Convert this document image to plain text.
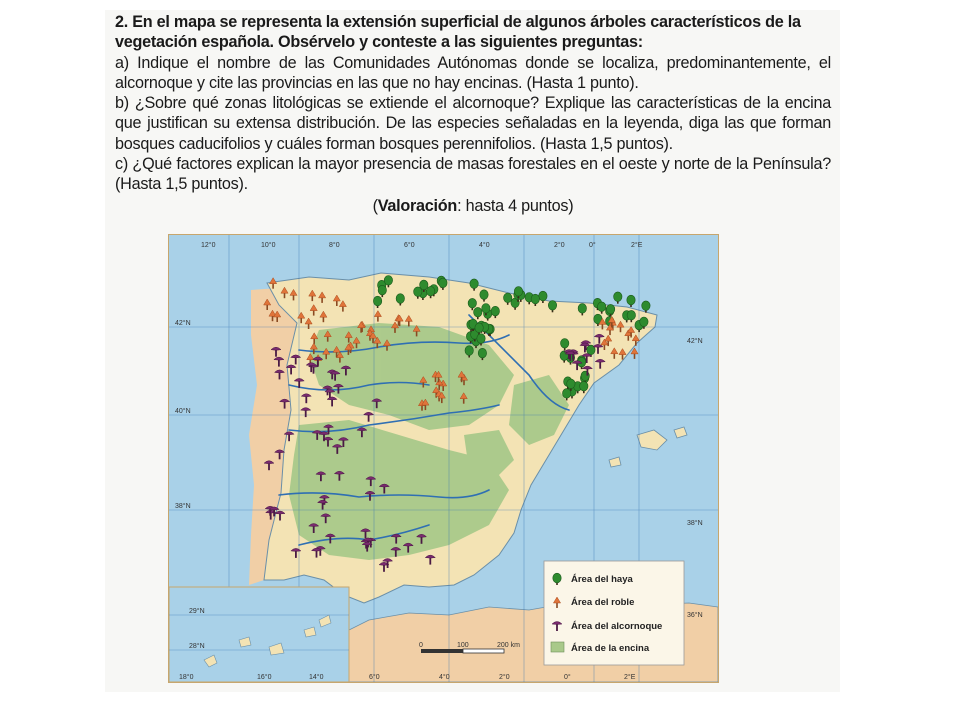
2. En el mapa se representa la extensión superficial de algunos árboles característicos de la

vegetación española. Obsérvelo y conteste a las siguientes preguntas:

a) Indique el nombre de las Comunidades Autónomas donde se localiza, predominantemente, el alcornoque y cite las provincias en las que no hay encinas. (Hasta 1 punto).

b) ¿Sobre qué zonas litológicas se extiende el alcornoque? Explique las características de la encina que justifican su extensa distribución. De las especies señaladas en la leyenda, diga las que forman bosques caducifolios y cuáles forman bosques perennifolios. (Hasta 1,5 puntos).

c) ¿Qué factores explican la mayor presencia de masas forestales en el oeste y norte de la Península? (Hasta 1,5 puntos).

(Valoración: hasta 4 puntos)

29°N
28°N
12°0	10°0	8°0	6°0	4°0	2°0	0°	2°E
18°0	16°0	14°0	6°0	4°0	2°0	0°	2°E
42°N
40°N
38°N
42°N
38°N
36°N
0	100	200 km
Área del haya
Área del roble
Área del alcornoque
Área de la encina
